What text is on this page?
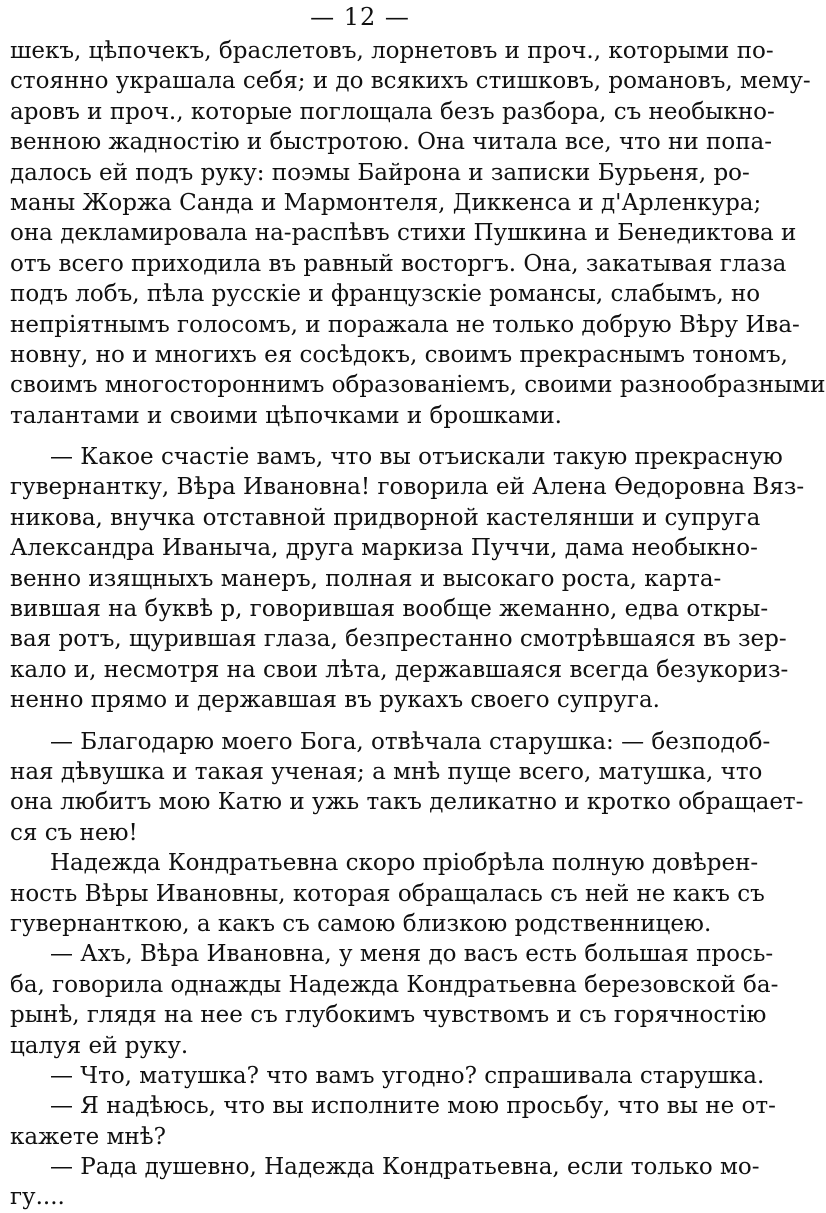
— 12 —
шекъ, цѣпочекъ, браслетовъ, лорнетовъ и проч., которыми по-
стоянно украшала себя; и до всякихъ стишковъ, романовъ, мему-
аровъ и проч., которые поглощала безъ разбора, съ необыкно-
венною жадностію и быстротою. Она читала все, что ни попа-
далось ей подъ руку: поэмы Байрона и записки Бурьеня, ро-
маны Жоржа Санда и Мармонтеля, Диккенса и д'Арленкура;
она декламировала на-распѣвъ стихи Пушкина и Бенедиктова и
отъ всего приходила въ равный восторгъ. Она, закатывая глаза
подъ лобъ, пѣла русскіе и французскіе романсы, слабымъ, но
непріятнымъ голосомъ, и поражала не только добрую Вѣру Ива-
новну, но и многихъ ея сосѣдокъ, своимъ прекраснымъ тономъ,
своимъ многостороннимъ образованіемъ, своими разнообразными
талантами и своими цѣпочками и брошками.
— Какое счастіе вамъ, что вы отъискали такую прекрасную
гувернантку, Вѣра Ивановна! говорила ей Алена Ѳедоровна Вяз-
никова, внучка отставной придворной кастелянши и супруга
Александра Иваныча, друга маркиза Пуччи, дама необыкно-
венно изящныхъ манеръ, полная и высокаго роста, карта-
вившая на буквѣ р, говорившая вообще жеманно, едва откры-
вая ротъ, щурившая глаза, безпрестанно смотрѣвшаяся въ зер-
кало и, несмотря на свои лѣта, державшаяся всегда безукориз-
ненно прямо и державшая въ рукахъ своего супруга.
— Благодарю моего Бога, отвѣчала старушка: — безподоб-
ная дѣвушка и такая ученая; а мнѣ пуще всего, матушка, что
она любитъ мою Катю и ужь такъ деликатно и кротко обращает-
ся съ нею!
Надежда Кондратьевна скоро пріобрѣла полную довѣрен-
ность Вѣры Ивановны, которая обращалась съ ней не какъ съ
гувернанткою, а какъ съ самою близкою родственницею.
— Ахъ, Вѣра Ивановна, у меня до васъ есть большая прось-
ба, говорила однажды Надежда Кондратьевна березовской ба-
рынѣ, глядя на нее съ глубокимъ чувствомъ и съ горячностію
цалуя ей руку.
— Что, матушка? что вамъ угодно? спрашивала старушка.
— Я надѣюсь, что вы исполните мою просьбу, что вы не от-
кажете мнѣ?
— Рада душевно, Надежда Кондратьевна, если только мо-
гу....
